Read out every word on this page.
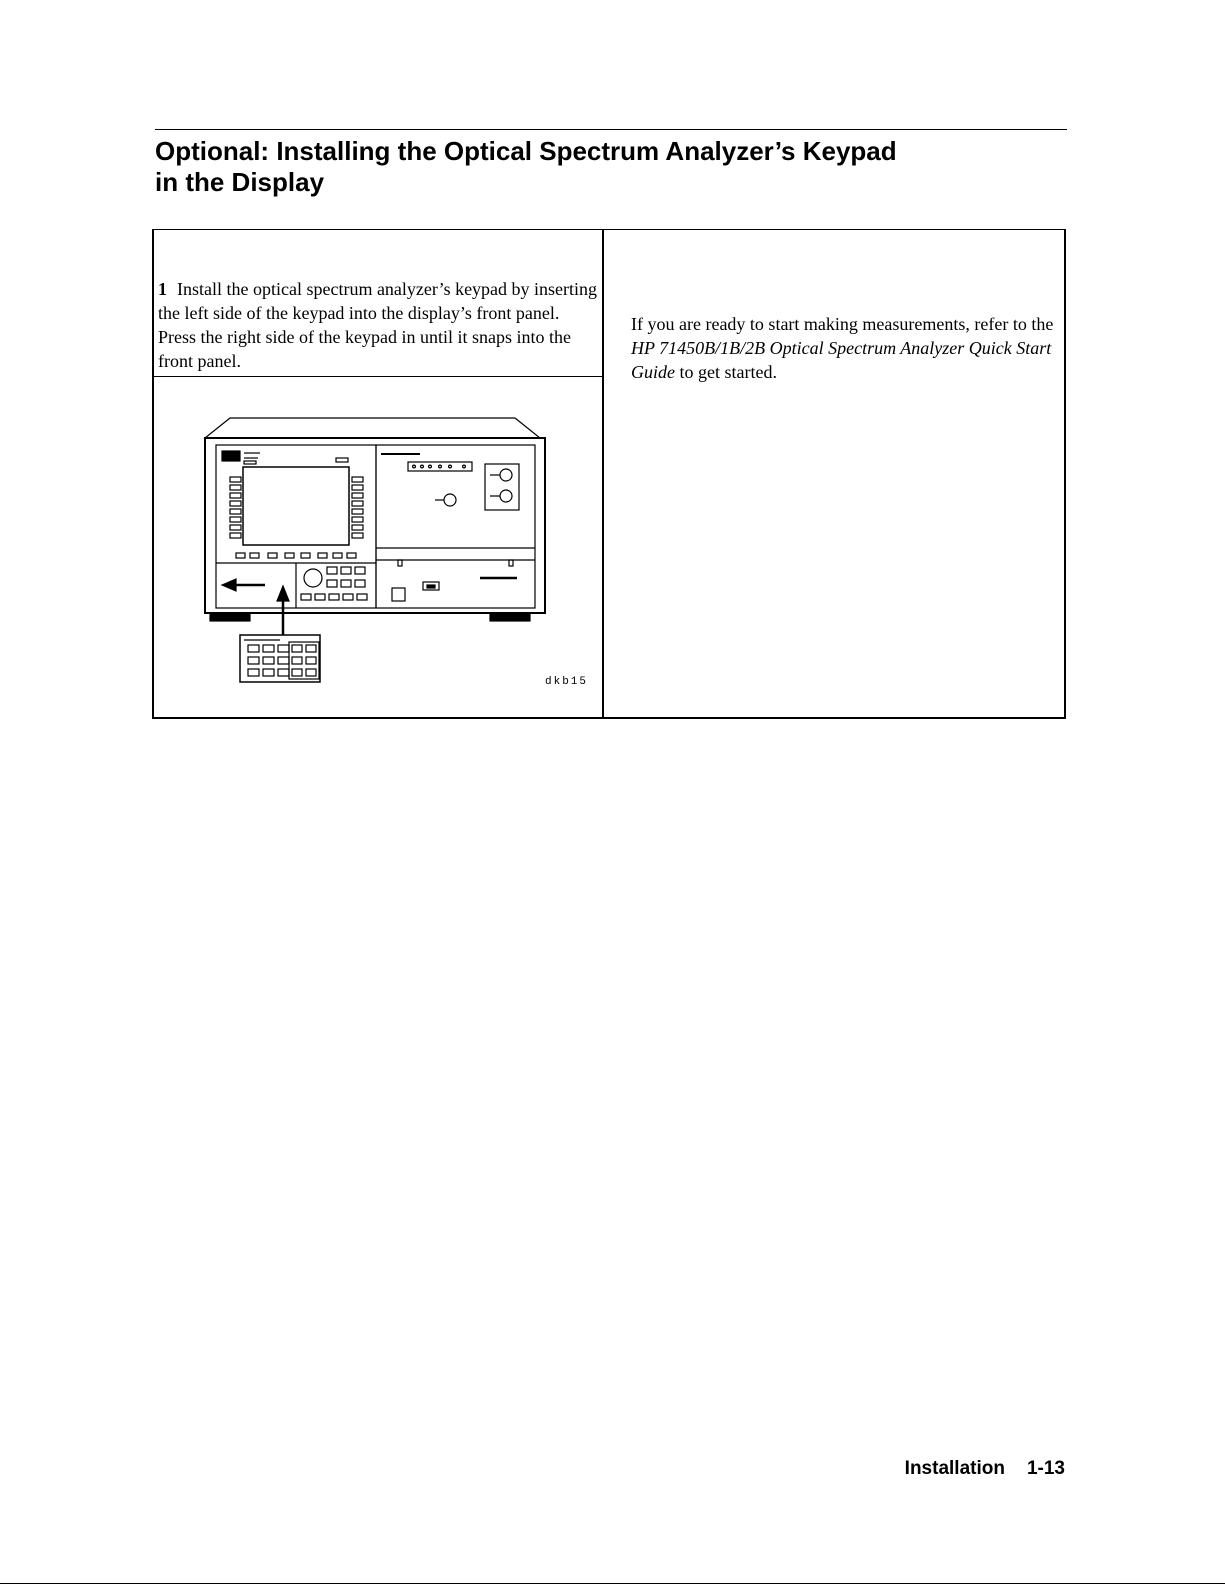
Optional: Installing the Optical Spectrum Analyzer’s Keypad
in the Display

1 Install the optical spectrum analyzer’s keypad by inserting the left side of the keypad into the display’s front panel. Press the right side of the keypad in until it snaps into the front panel.

If you are ready to start making measurements, refer to the HP 71450B/1B/2B Optical Spectrum Analyzer Quick Start Guide to get started.

dkb15
Installation 1-13
